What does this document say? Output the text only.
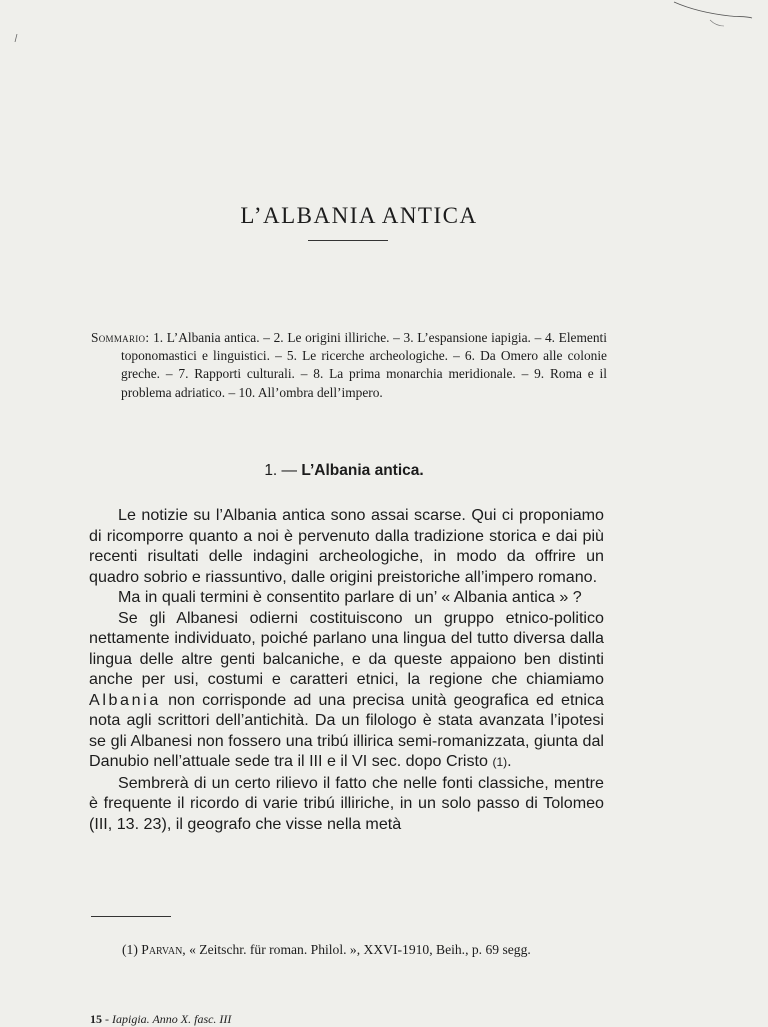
L’ALBANIA ANTICA
Sommario: 1. L’Albania antica. – 2. Le origini illiriche. – 3. L’espansione iapigia. – 4. Elementi toponomastici e linguistici. – 5. Le ricerche archeologiche. – 6. Da Omero alle colonie greche. – 7. Rapporti culturali. – 8. La prima monarchia meridionale. – 9. Roma e il problema adriatico. – 10. All’ombra dell’impero.
1. — L’Albania antica.

Le notizie su l’Albania antica sono assai scarse. Qui ci proponiamo di ricomporre quanto a noi è pervenuto dalla tradizione storica e dai più recenti risultati delle indagini archeologiche, in modo da offrire un quadro sobrio e riassuntivo, dalle origini preistoriche all’impero romano.

Ma in quali termini è consentito parlare di un’ « Albania antica » ?

Se gli Albanesi odierni costituiscono un gruppo etnico-politico nettamente individuato, poiché parlano una lingua del tutto diversa dalla lingua delle altre genti balcaniche, e da queste appaiono ben distinti anche per usi, costumi e caratteri etnici, la regione che chiamiamo Albania non corrisponde ad una precisa unità geografica ed etnica nota agli scrittori dell’antichità. Da un filologo è stata avanzata l’ipotesi se gli Albanesi non fossero una tribú illirica semi-romanizzata, giunta dal Danubio nell’attuale sede tra il III e il VI sec. dopo Cristo (1).

Sembrerà di un certo rilievo il fatto che nelle fonti classiche, mentre è frequente il ricordo di varie tribú illiriche, in un solo passo di Tolomeo (III, 13. 23), il geografo che visse nella metà

(1) Parvan, « Zeitschr. für roman. Philol. », XXVI-1910, Beih., p. 69 segg.
15 - Iapigia. Anno X. fasc. III
